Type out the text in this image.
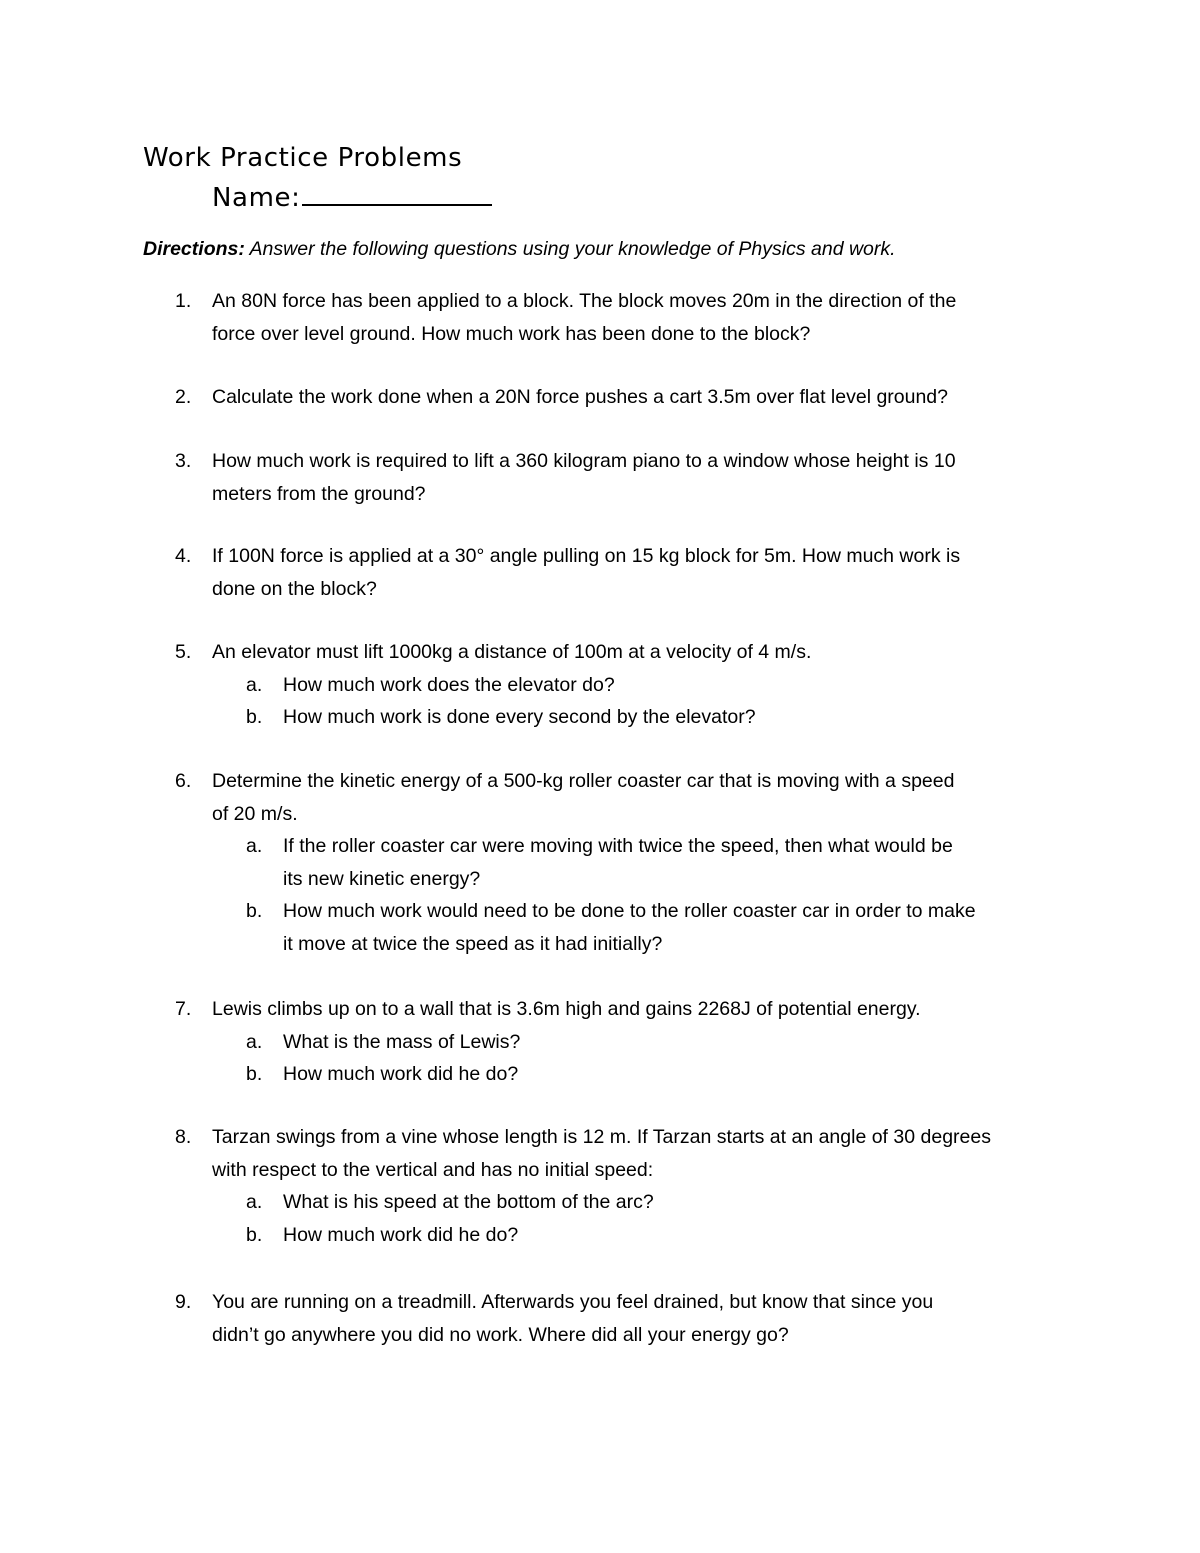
Work Practice Problems
Name:
Directions: Answer the following questions using your knowledge of Physics and work.
1. An 80N force has been applied to a block. The block moves 20m in the direction of the
force over level ground. How much work has been done to the block?
2. Calculate the work done when a 20N force pushes a cart 3.5m over flat level ground?
3. How much work is required to lift a 360 kilogram piano to a window whose height is 10
meters from the ground?
4. If 100N force is applied at a 30° angle pulling on 15 kg block for 5m. How much work is
done on the block?
5. An elevator must lift 1000kg a distance of 100m at a velocity of 4 m/s.
a. How much work does the elevator do?
b. How much work is done every second by the elevator?
6. Determine the kinetic energy of a 500-kg roller coaster car that is moving with a speed
of 20 m/s.
a. If the roller coaster car were moving with twice the speed, then what would be
its new kinetic energy?
b. How much work would need to be done to the roller coaster car in order to make
it move at twice the speed as it had initially?
7. Lewis climbs up on to a wall that is 3.6m high and gains 2268J of potential energy.
a. What is the mass of Lewis?
b. How much work did he do?
8. Tarzan swings from a vine whose length is 12 m. If Tarzan starts at an angle of 30 degrees
with respect to the vertical and has no initial speed:
a. What is his speed at the bottom of the arc?
b. How much work did he do?
9. You are running on a treadmill. Afterwards you feel drained, but know that since you
didn’t go anywhere you did no work. Where did all your energy go?
